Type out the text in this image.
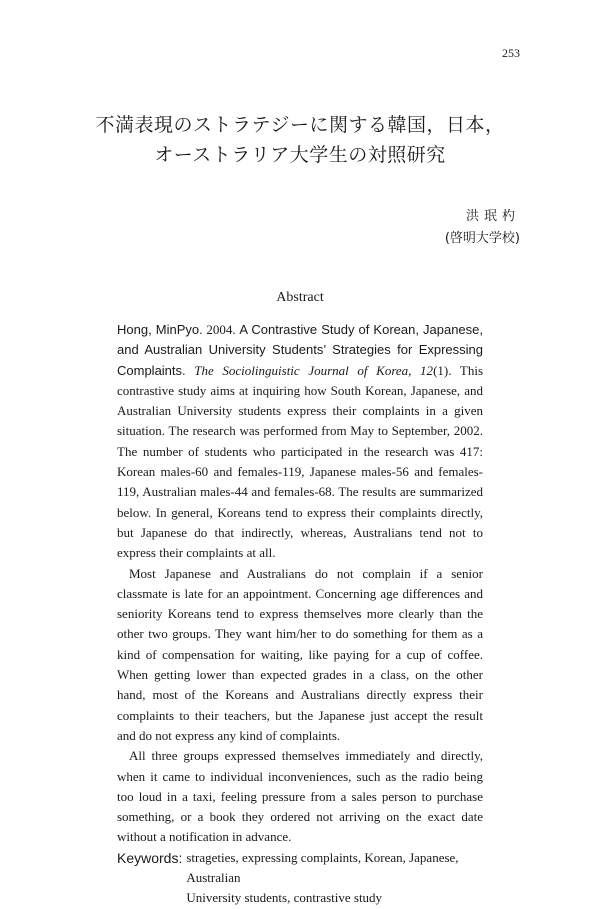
253
不満表現のストラテジーに関する韓国，日本，
オーストラリア大学生の対照研究
洪珉杓
(啓明大学校)
Abstract

Hong, MinPyo. 2004. A Contrastive Study of Korean, Japanese, and Australian University Students’ Strategies for Expressing Complaints. The Sociolinguistic Journal of Korea, 12(1). This contrastive study aims at inquiring how South Korean, Japanese, and Australian University students express their complaints in a given situation. The research was performed from May to September, 2002. The number of students who participated in the research was 417: Korean males-60 and females-119, Japanese males-56 and females-119, Australian males-44 and females-68. The results are summarized below. In general, Koreans tend to express their complaints directly, but Japanese do that indirectly, whereas, Australians tend not to express their complaints at all.

Most Japanese and Australians do not complain if a senior classmate is late for an appointment. Concerning age differences and seniority Koreans tend to express themselves more clearly than the other two groups. They want him/her to do something for them as a kind of compensation for waiting, like paying for a cup of coffee. When getting lower than expected grades in a class, on the other hand, most of the Koreans and Australians directly express their complaints to their teachers, but the Japanese just accept the result and do not express any kind of complaints.

All three groups expressed themselves immediately and directly, when it came to individual inconveniences, such as the radio being too loud in a taxi, feeling pressure from a sales person to purchase something, or a book they ordered not arriving on the exact date without a notification in advance.

Keywords: strageties, expressing complaints, Korean, Japanese, Australian
University students, contrastive study
